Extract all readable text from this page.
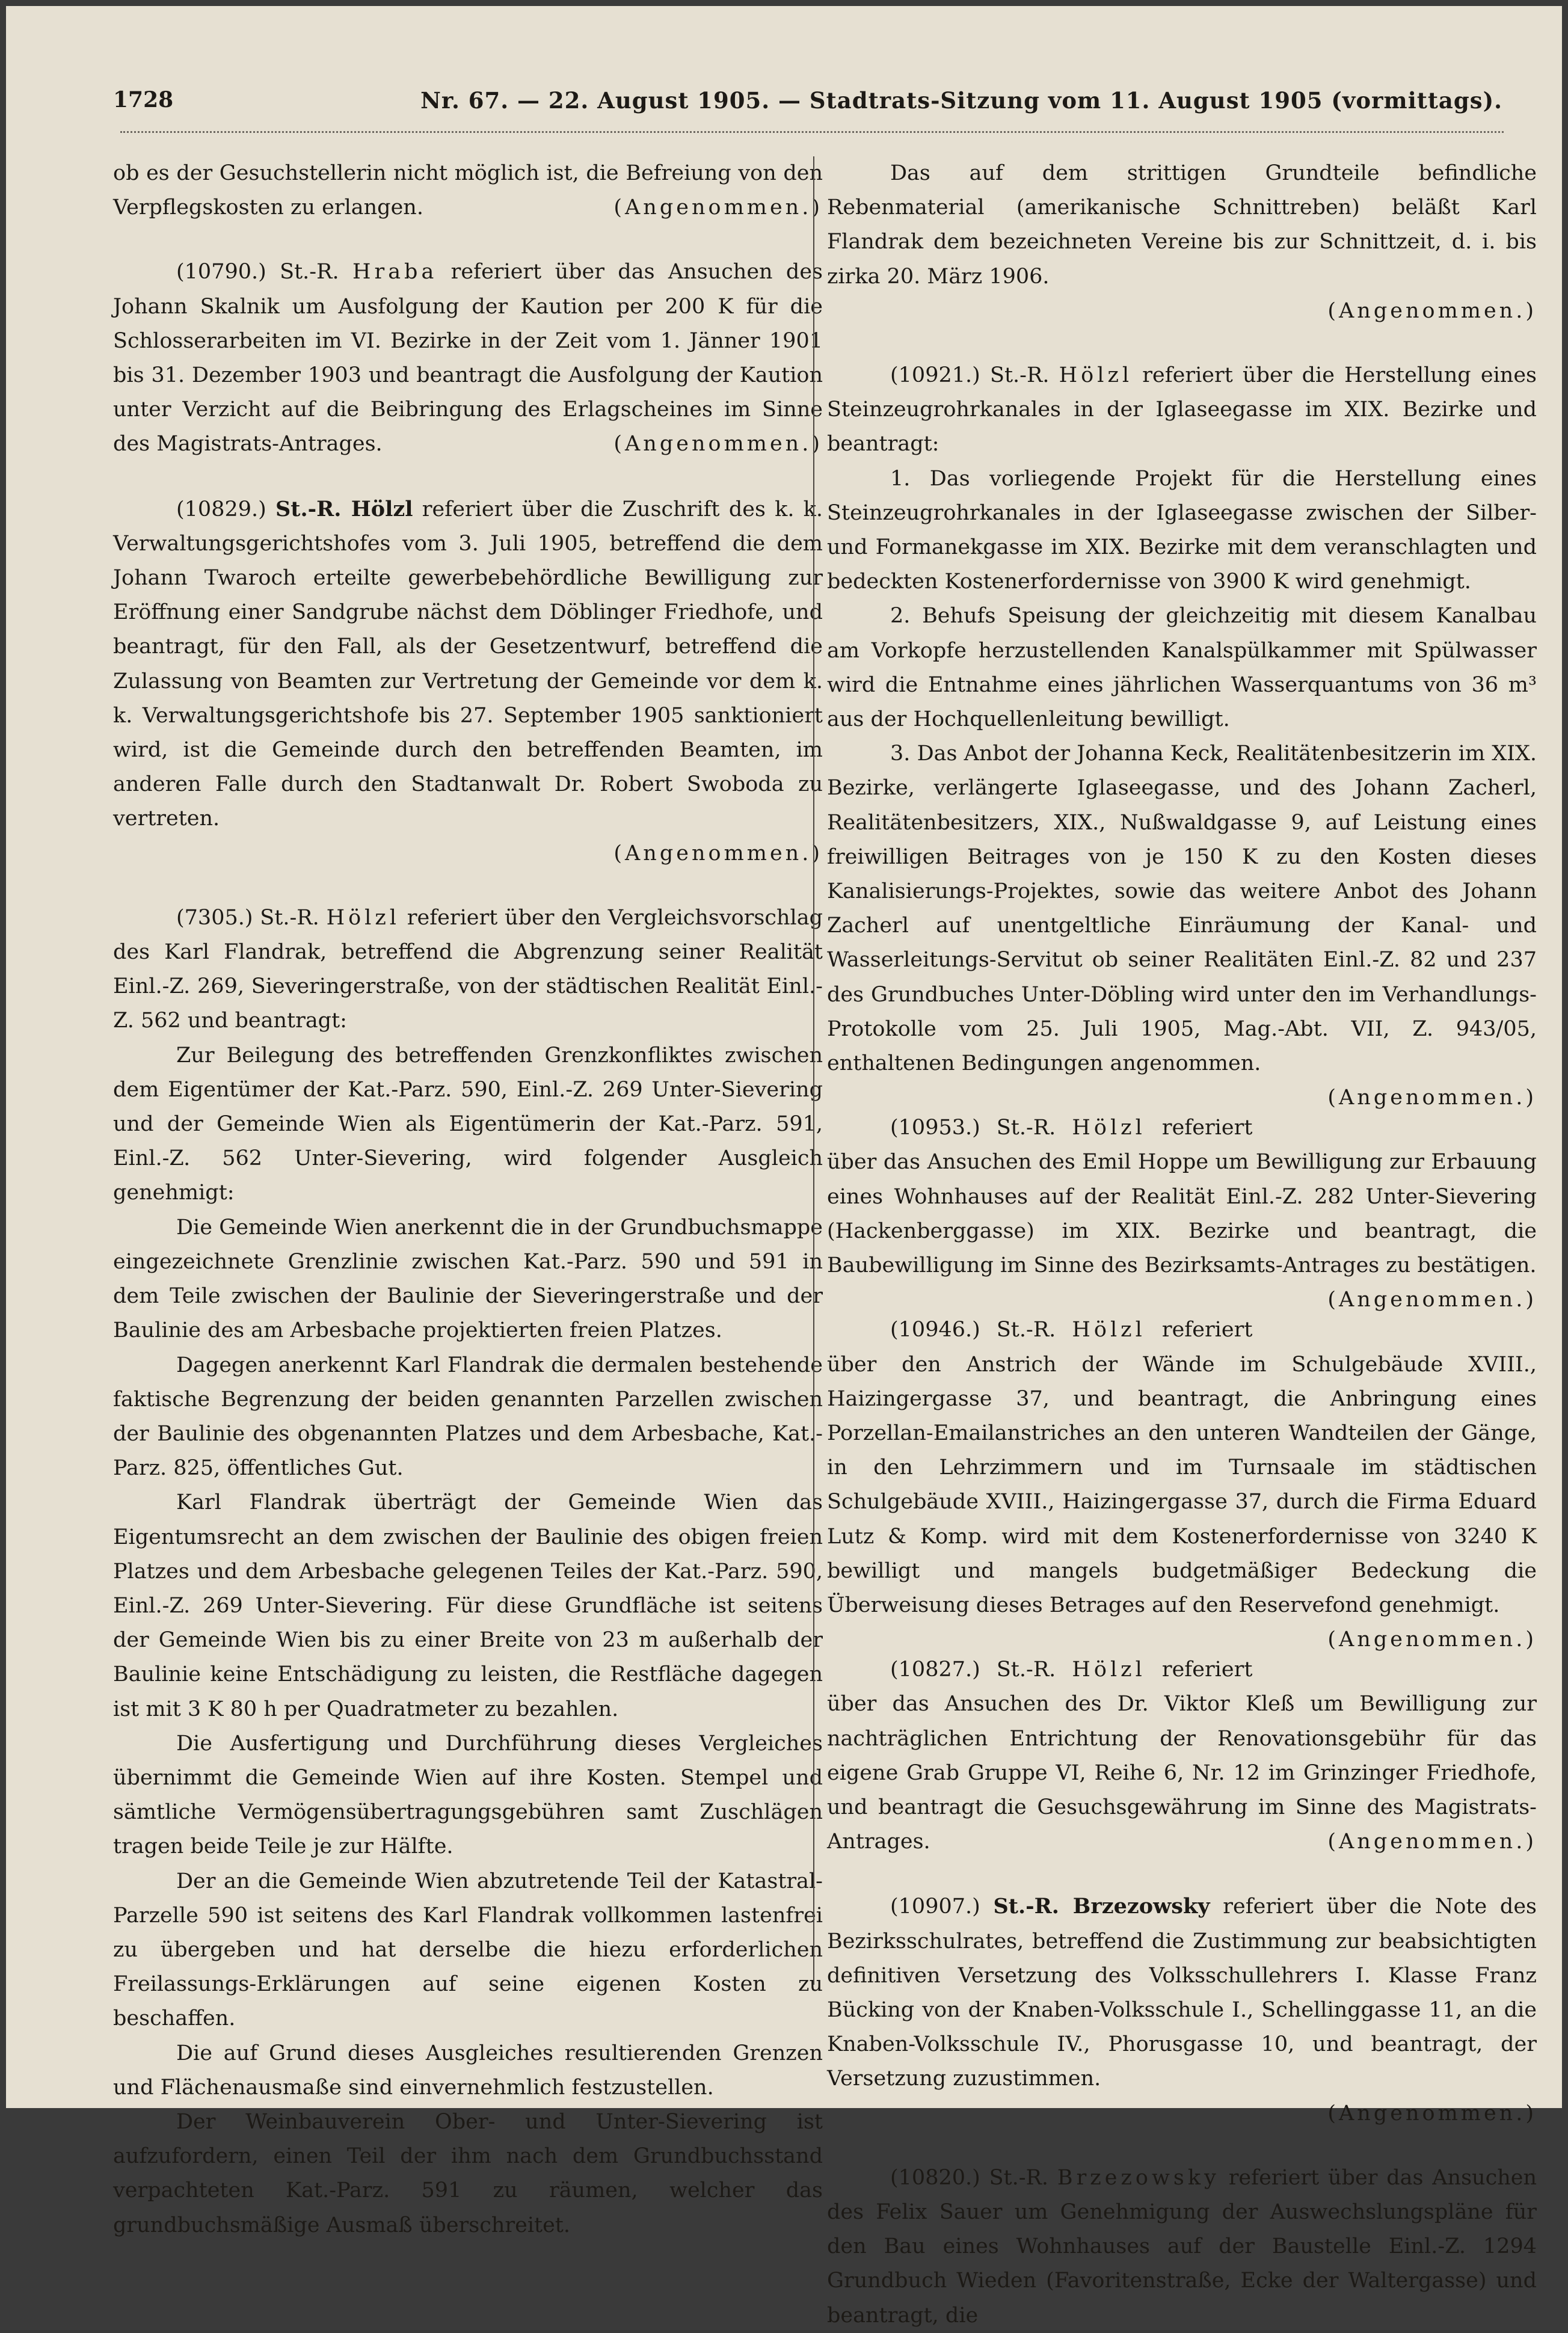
1728	Nr. 67. — 22. August 1905. — Stadtrats-Sitzung vom 11. August 1905 (vormittags).

ob es der Gesuchstellerin nicht möglich ist, die Befreiung von den Verpflegskosten zu erlangen.	(Angenommen.)

(10790.) St.-R. Hraba referiert über das Ansuchen des Johann Skalnik um Ausfolgung der Kaution per 200 K für die Schlosserarbeiten im VI. Bezirke in der Zeit vom 1. Jänner 1901 bis 31. Dezember 1903 und beantragt die Ausfolgung der Kaution unter Verzicht auf die Beibringung des Erlagscheines im Sinne des Magistrats-Antrages.	(Angenommen.)

(10829.) St.-R. Hölzl referiert über die Zuschrift des k. k. Verwaltungsgerichtshofes vom 3. Juli 1905, betreffend die dem Johann Twaroch erteilte gewerbebehördliche Bewilligung zur Eröffnung einer Sandgrube nächst dem Döblinger Friedhofe, und beantragt, für den Fall, als der Gesetzentwurf, betreffend die Zulassung von Beamten zur Vertretung der Gemeinde vor dem k. k. Verwaltungsgerichtshofe bis 27. September 1905 sanktioniert wird, ist die Gemeinde durch den betreffenden Beamten, im anderen Falle durch den Stadtanwalt Dr. Robert Swoboda zu vertreten.

(Angenommen.)

(7305.) St.-R. Hölzl referiert über den Vergleichsvorschlag des Karl Flandrak, betreffend die Abgrenzung seiner Realität Einl.-Z. 269, Sieveringerstraße, von der städtischen Realität Einl.-Z. 562 und beantragt:

Zur Beilegung des betreffenden Grenzkonfliktes zwischen dem Eigentümer der Kat.-Parz. 590, Einl.-Z. 269 Unter-Sievering und der Gemeinde Wien als Eigentümerin der Kat.-Parz. 591, Einl.-Z. 562 Unter-Sievering, wird folgender Ausgleich genehmigt:

Die Gemeinde Wien anerkennt die in der Grundbuchsmappe eingezeichnete Grenzlinie zwischen Kat.-Parz. 590 und 591 in dem Teile zwischen der Baulinie der Sieveringerstraße und der Baulinie des am Arbesbache projektierten freien Platzes.

Dagegen anerkennt Karl Flandrak die dermalen bestehende faktische Begrenzung der beiden genannten Parzellen zwischen der Baulinie des obgenannten Platzes und dem Arbesbache, Kat.-Parz. 825, öffentliches Gut.

Karl Flandrak überträgt der Gemeinde Wien das Eigentumsrecht an dem zwischen der Baulinie des obigen freien Platzes und dem Arbesbache gelegenen Teiles der Kat.-Parz. 590, Einl.-Z. 269 Unter-Sievering. Für diese Grundfläche ist seitens der Gemeinde Wien bis zu einer Breite von 23 m außerhalb der Baulinie keine Entschädigung zu leisten, die Restfläche dagegen ist mit 3 K 80 h per Quadratmeter zu bezahlen.

Die Ausfertigung und Durchführung dieses Vergleiches übernimmt die Gemeinde Wien auf ihre Kosten. Stempel und sämtliche Vermögensübertragungsgebühren samt Zuschlägen tragen beide Teile je zur Hälfte.

Der an die Gemeinde Wien abzutretende Teil der Katastral-Parzelle 590 ist seitens des Karl Flandrak vollkommen lastenfrei zu übergeben und hat derselbe die hiezu erforderlichen Freilassungs-Erklärungen auf seine eigenen Kosten zu beschaffen.

Die auf Grund dieses Ausgleiches resultierenden Grenzen und Flächenausmaße sind einvernehmlich festzustellen.

Der Weinbauverein Ober- und Unter-Sievering ist aufzufordern, einen Teil der ihm nach dem Grundbuchsstand verpachteten Kat.-Parz. 591 zu räumen, welcher das grundbuchsmäßige Ausmaß überschreitet.

Das auf dem strittigen Grundteile befindliche Rebenmaterial (amerikanische Schnittreben) beläßt Karl Flandrak dem bezeichneten Vereine bis zur Schnittzeit, d. i. bis zirka 20. März 1906.

(Angenommen.)

(10921.) St.-R. Hölzl referiert über die Herstellung eines Steinzeugrohrkanales in der Iglaseegasse im XIX. Bezirke und beantragt:

1. Das vorliegende Projekt für die Herstellung eines Steinzeugrohrkanales in der Iglaseegasse zwischen der Silber- und Formanekgasse im XIX. Bezirke mit dem veranschlagten und bedeckten Kostenerfordernisse von 3900 K wird genehmigt.

2. Behufs Speisung der gleichzeitig mit diesem Kanalbau am Vorkopfe herzustellenden Kanalspülkammer mit Spülwasser wird die Entnahme eines jährlichen Wasserquantums von 36 m³ aus der Hochquellenleitung bewilligt.

3. Das Anbot der Johanna Keck, Realitätenbesitzerin im XIX. Bezirke, verlängerte Iglaseegasse, und des Johann Zacherl, Realitätenbesitzers, XIX., Nußwaldgasse 9, auf Leistung eines freiwilligen Beitrages von je 150 K zu den Kosten dieses Kanalisierungs-Projektes, sowie das weitere Anbot des Johann Zacherl auf unentgeltliche Einräumung der Kanal- und Wasserleitungs-Servitut ob seiner Realitäten Einl.-Z. 82 und 237 des Grundbuches Unter-Döbling wird unter den im Verhandlungs-Protokolle vom 25. Juli 1905, Mag.-Abt. VII, Z. 943/05, enthaltenen Bedingungen angenommen.
(Angenommen.)

(10953.) St.-R. Hölzl referiert über das Ansuchen des Emil Hoppe um Bewilligung zur Erbauung eines Wohnhauses auf der Realität Einl.-Z. 282 Unter-Sievering (Hackenberggasse) im XIX. Bezirke und beantragt, die Baubewilligung im Sinne des Bezirksamts-Antrages zu bestätigen.
(Angenommen.)

(10946.) St.-R. Hölzl referiert über den Anstrich der Wände im Schulgebäude XVIII., Haizingergasse 37, und beantragt, die Anbringung eines Porzellan-Emailanstriches an den unteren Wandteilen der Gänge, in den Lehrzimmern und im Turnsaale im städtischen Schulgebäude XVIII., Haizingergasse 37, durch die Firma Eduard Lutz & Komp. wird mit dem Kostenerfordernisse von 3240 K bewilligt und mangels budgetmäßiger Bedeckung die Überweisung dieses Betrages auf den Reservefond genehmigt.
(Angenommen.)

(10827.) St.-R. Hölzl referiert über das Ansuchen des Dr. Viktor Kleß um Bewilligung zur nachträglichen Entrichtung der Renovationsgebühr für das eigene Grab Gruppe VI, Reihe 6, Nr. 12 im Grinzinger Friedhofe, und beantragt die Gesuchsgewährung im Sinne des Magistrats-Antrages.	(Angenommen.)

(10907.) St.-R. Brzezowsky referiert über die Note des Bezirksschulrates, betreffend die Zustimmung zur beabsichtigten definitiven Versetzung des Volksschullehrers I. Klasse Franz Bücking von der Knaben-Volksschule I., Schellinggasse 11, an die Knaben-Volksschule IV., Phorusgasse 10, und beantragt, der Versetzung zuzustimmen.

(Angenommen.)

(10820.) St.-R. Brzezowsky referiert über das Ansuchen des Felix Sauer um Genehmigung der Auswechslungspläne für den Bau eines Wohnhauses auf der Baustelle Einl.-Z. 1294 Grundbuch Wieden (Favoritenstraße, Ecke der Waltergasse) und beantragt, die
